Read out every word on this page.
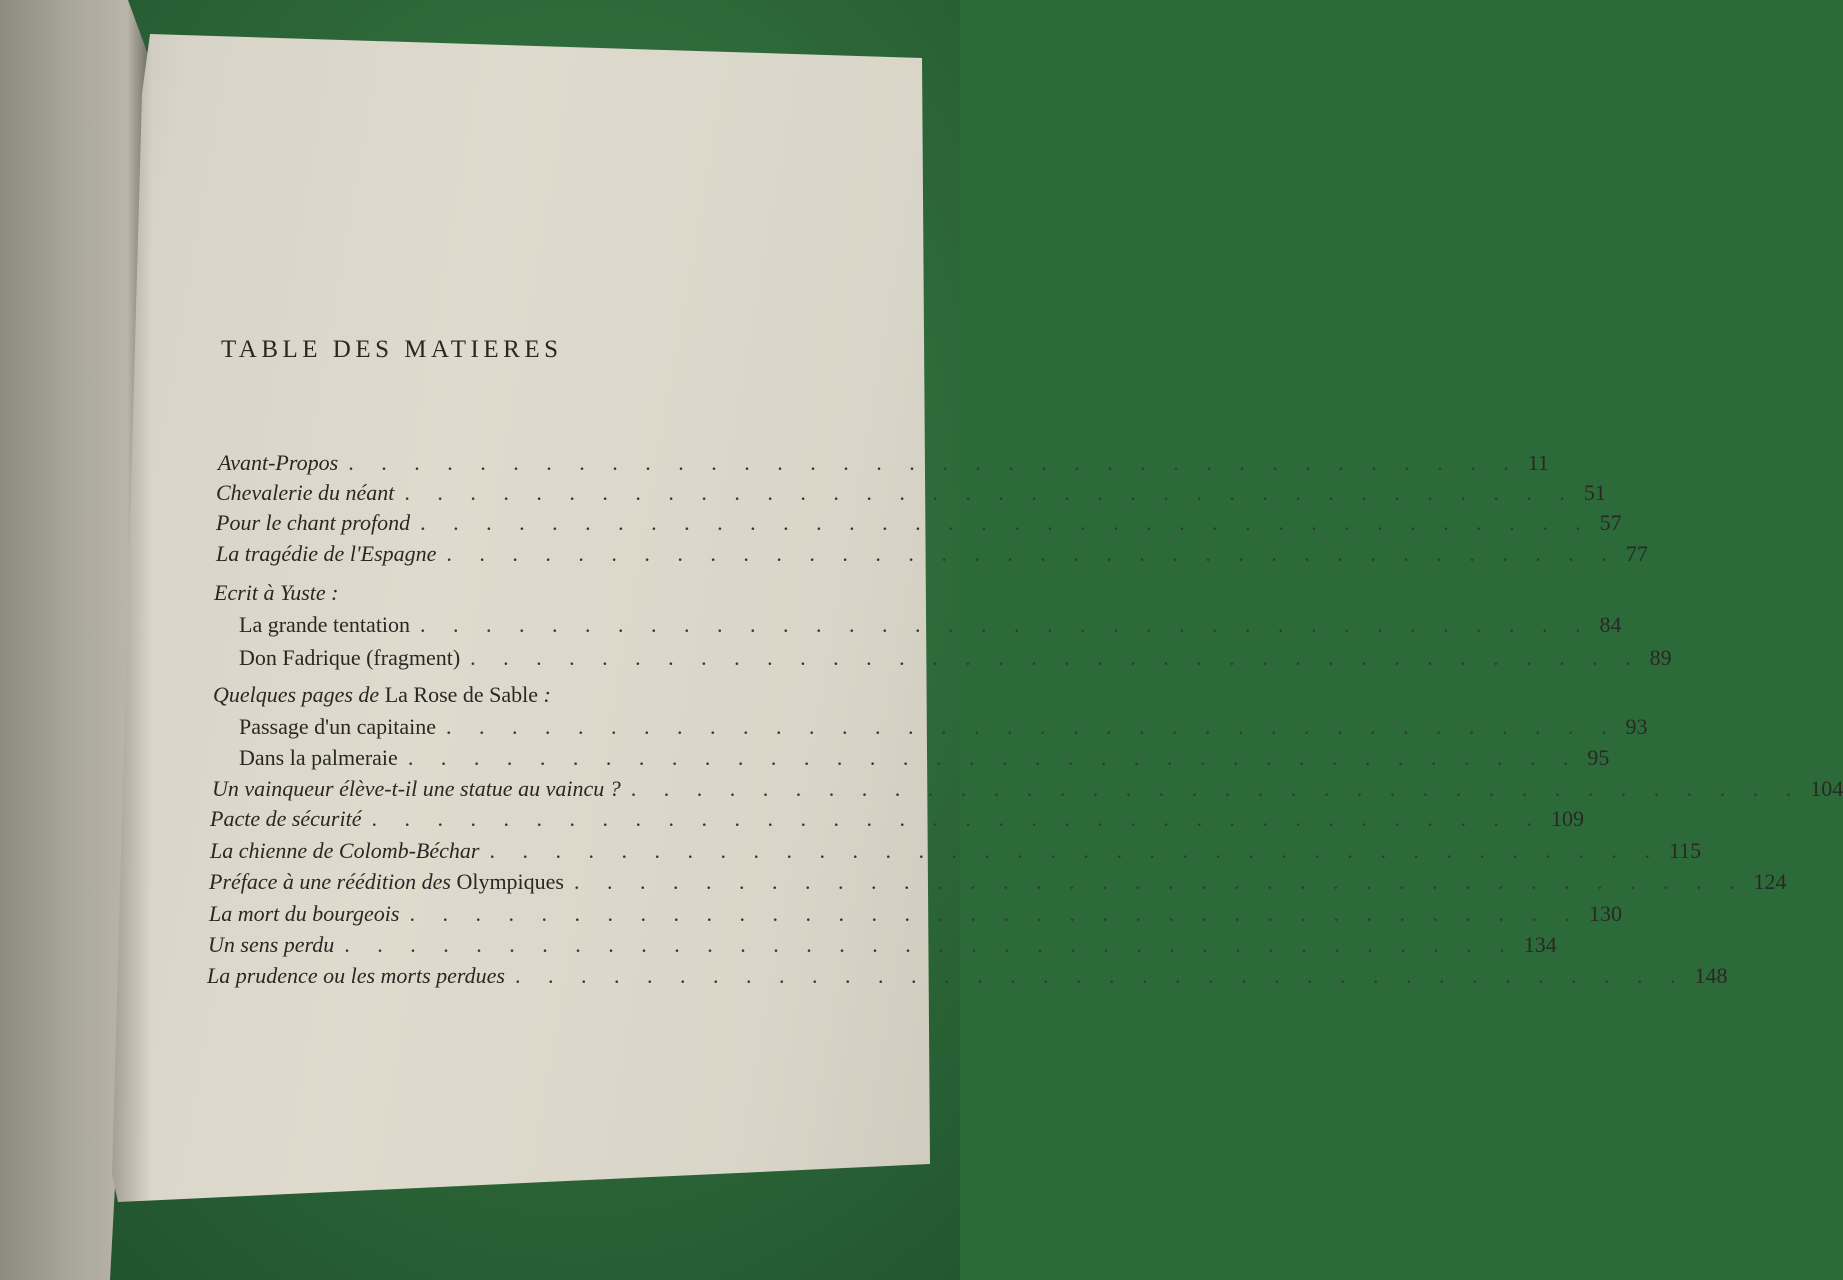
TABLE DES MATIERES
Avant-Propos . . . . . . . . . . . . . . . . . . . . . . . . . . . . . . . . . . . . 11
Chevalerie du néant . . . . . . . . . . . . . . . . . . . . . . . . . . . . . . . . . . . . 51
Pour le chant profond . . . . . . . . . . . . . . . . . . . . . . . . . . . . . . . . . . . . 57
La tragédie de l'Espagne . . . . . . . . . . . . . . . . . . . . . . . . . . . . . . . . . . . . 77
Ecrit à Yuste :
La grande tentation . . . . . . . . . . . . . . . . . . . . . . . . . . . . . . . . . . . . 84
Don Fadrique (fragment) . . . . . . . . . . . . . . . . . . . . . . . . . . . . . . . . . . . . 89
Quelques pages de La Rose de Sable :
Passage d'un capitaine . . . . . . . . . . . . . . . . . . . . . . . . . . . . . . . . . . . . 93
Dans la palmeraie . . . . . . . . . . . . . . . . . . . . . . . . . . . . . . . . . . . . 95
Un vainqueur élève-t-il une statue au vaincu ? . . . . . . . . . . . . . . . . . . . . . . . . . . . . . . . . . . . . 104
Pacte de sécurité . . . . . . . . . . . . . . . . . . . . . . . . . . . . . . . . . . . . 109
La chienne de Colomb-Béchar . . . . . . . . . . . . . . . . . . . . . . . . . . . . . . . . . . . . 115
Préface à une réédition des Olympiques . . . . . . . . . . . . . . . . . . . . . . . . . . . . . . . . . . . . 124
La mort du bourgeois . . . . . . . . . . . . . . . . . . . . . . . . . . . . . . . . . . . . 130
Un sens perdu . . . . . . . . . . . . . . . . . . . . . . . . . . . . . . . . . . . . 134
La prudence ou les morts perdues . . . . . . . . . . . . . . . . . . . . . . . . . . . . . . . . . . . . 148
